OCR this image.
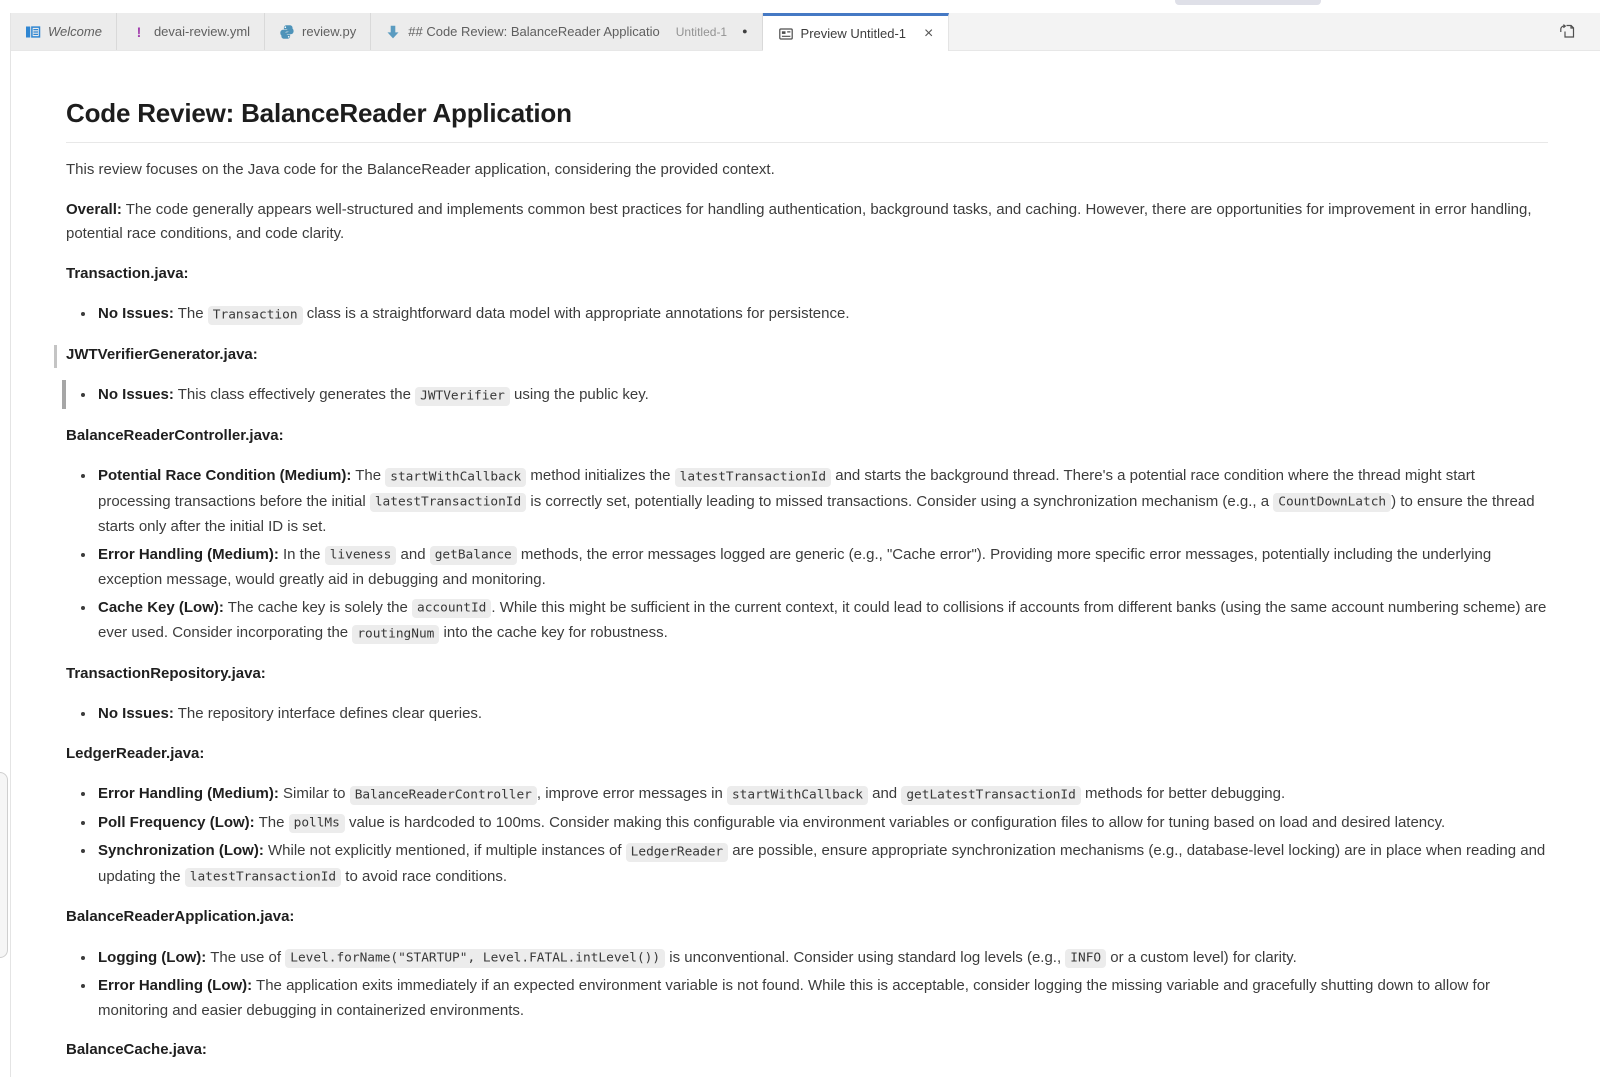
Welcome	! devai-review.yml	review.py	## Code Review: BalanceReader Applicatio Untitled-1 ●	Preview Untitled-1 ×
Code Review: BalanceReader Application

This review focuses on the Java code for the BalanceReader application, considering the provided context.

Overall: The code generally appears well-structured and implements common best practices for handling authentication, background tasks, and caching. However, there are opportunities for improvement in error handling, potential race conditions, and code clarity.

Transaction.java:

• No Issues: The Transaction class is a straightforward data model with appropriate annotations for persistence.

JWTVerifierGenerator.java:

• No Issues: This class effectively generates the JWTVerifier using the public key.

BalanceReaderController.java:

• Potential Race Condition (Medium): The startWithCallback method initializes the latestTransactionId and starts the background thread. There's a potential race condition where the thread might start processing transactions before the initial latestTransactionId is correctly set, potentially leading to missed transactions. Consider using a synchronization mechanism (e.g., a CountDownLatch ) to ensure the thread starts only after the initial ID is set.
• Error Handling (Medium): In the liveness and getBalance methods, the error messages logged are generic (e.g., "Cache error"). Providing more specific error messages, potentially including the underlying exception message, would greatly aid in debugging and monitoring.
• Cache Key (Low): The cache key is solely the accountId . While this might be sufficient in the current context, it could lead to collisions if accounts from different banks (using the same account numbering scheme) are ever used. Consider incorporating the routingNum into the cache key for robustness.

TransactionRepository.java:

• No Issues: The repository interface defines clear queries.

LedgerReader.java:

• Error Handling (Medium): Similar to BalanceReaderController , improve error messages in startWithCallback and getLatestTransactionId methods for better debugging.
• Poll Frequency (Low): The pollMs value is hardcoded to 100ms. Consider making this configurable via environment variables or configuration files to allow for tuning based on load and desired latency.
• Synchronization (Low): While not explicitly mentioned, if multiple instances of LedgerReader are possible, ensure appropriate synchronization mechanisms (e.g., database-level locking) are in place when reading and updating the latestTransactionId to avoid race conditions.

BalanceReaderApplication.java:

• Logging (Low): The use of Level.forName("STARTUP", Level.FATAL.intLevel()) is unconventional. Consider using standard log levels (e.g., INFO or a custom level) for clarity.
• Error Handling (Low): The application exits immediately if an expected environment variable is not found. While this is acceptable, consider logging the missing variable and gracefully shutting down to allow for monitoring and easier debugging in containerized environments.

BalanceCache.java:
